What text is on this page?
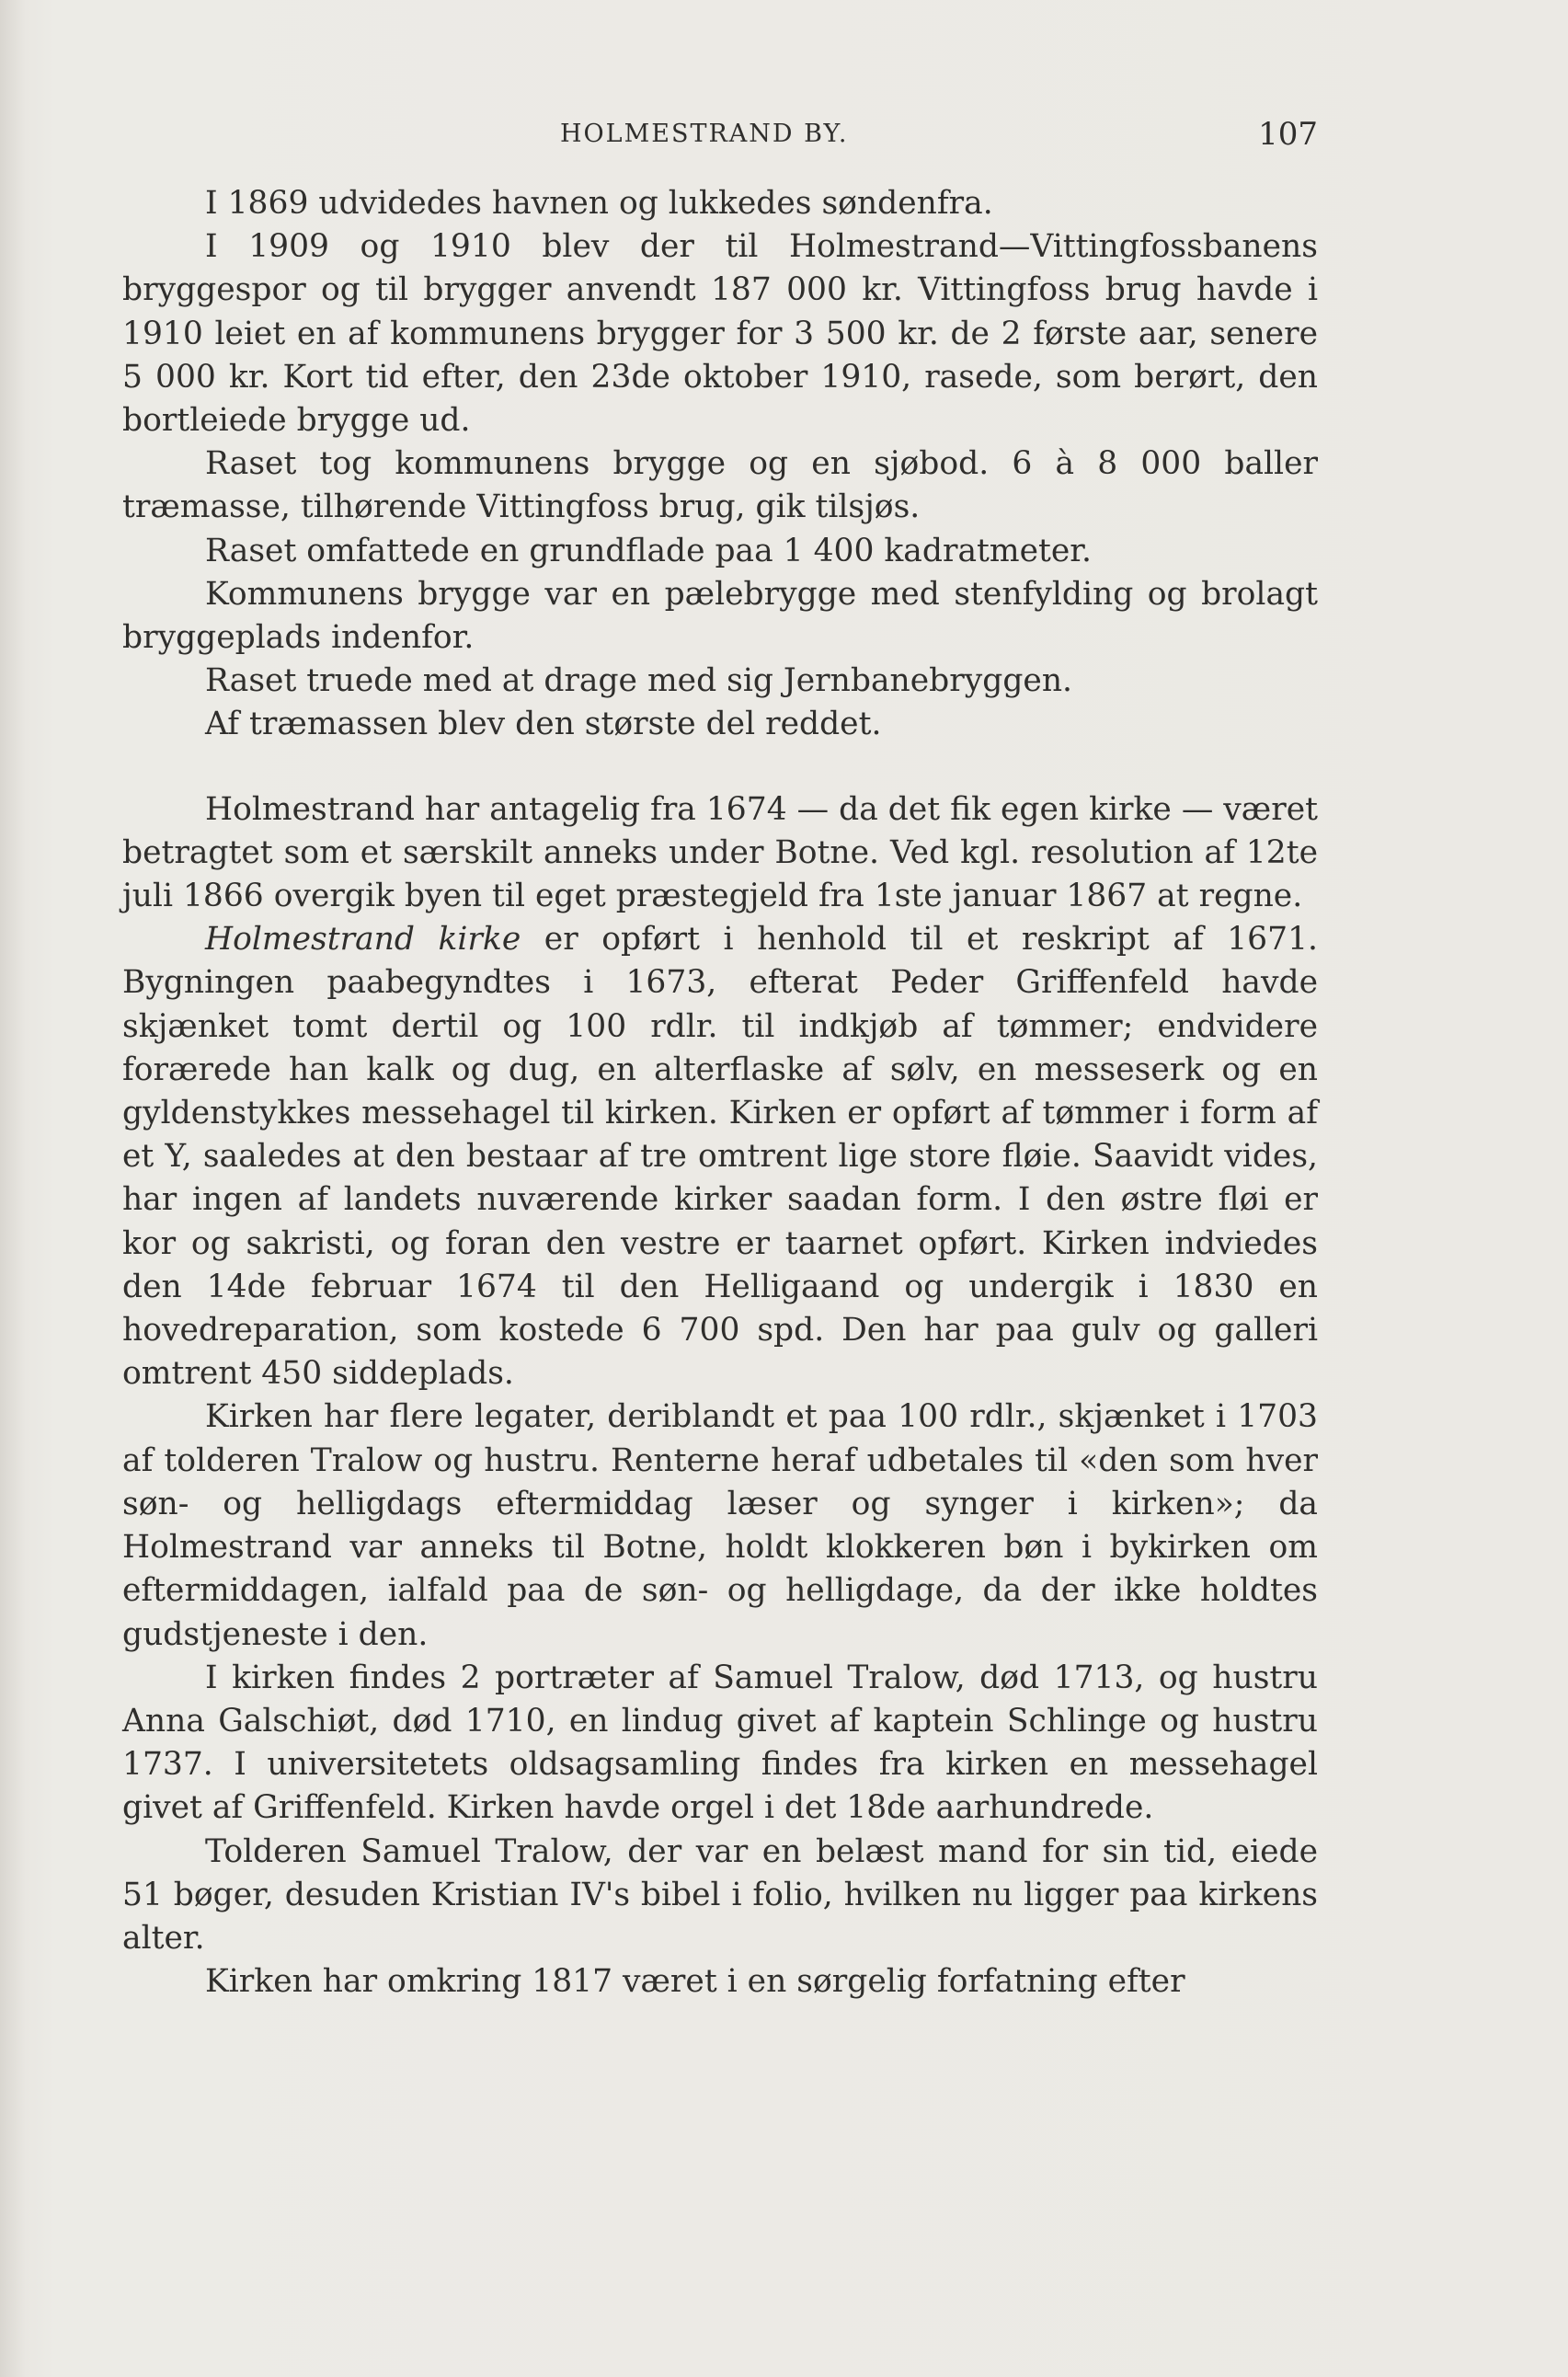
HOLMESTRAND BY.	107

I 1869 udvidedes havnen og lukkedes søndenfra.

I 1909 og 1910 blev der til Holmestrand—Vittingfossbanens bryggespor og til brygger anvendt 187 000 kr. Vittingfoss brug havde i 1910 leiet en af kommunens brygger for 3 500 kr. de 2 første aar, senere 5 000 kr. Kort tid efter, den 23de oktober 1910, rasede, som berørt, den bortleiede brygge ud.

Raset tog kommunens brygge og en sjøbod. 6 à 8 000 baller træmasse, tilhørende Vittingfoss brug, gik tilsjøs.

Raset omfattede en grundflade paa 1 400 kadratmeter.

Kommunens brygge var en pælebrygge med stenfylding og brolagt bryggeplads indenfor.

Raset truede med at drage med sig Jernbanebryggen.

Af træmassen blev den største del reddet.

Holmestrand har antagelig fra 1674 — da det fik egen kirke — været betragtet som et særskilt anneks under Botne. Ved kgl. resolution af 12te juli 1866 overgik byen til eget præstegjeld fra 1ste januar 1867 at regne.

Holmestrand kirke er opført i henhold til et reskript af 1671. Bygningen paabegyndtes i 1673, efterat Peder Griffenfeld havde skjænket tomt dertil og 100 rdlr. til indkjøb af tømmer; endvidere forærede han kalk og dug, en alterflaske af sølv, en messeserk og en gyldenstykkes messehagel til kirken. Kirken er opført af tømmer i form af et Y, saaledes at den bestaar af tre omtrent lige store fløie. Saavidt vides, har ingen af landets nuværende kirker saadan form. I den østre fløi er kor og sakristi, og foran den vestre er taarnet opført. Kirken indviedes den 14de februar 1674 til den Helligaand og undergik i 1830 en hovedreparation, som kostede 6 700 spd. Den har paa gulv og galleri omtrent 450 siddeplads.

Kirken har flere legater, deriblandt et paa 100 rdlr., skjænket i 1703 af tolderen Tralow og hustru. Renterne heraf udbetales til «den som hver søn- og helligdags eftermiddag læser og synger i kirken»; da Holmestrand var anneks til Botne, holdt klokkeren bøn i bykirken om eftermiddagen, ialfald paa de søn- og helligdage, da der ikke holdtes gudstjeneste i den.

I kirken findes 2 portræter af Samuel Tralow, død 1713, og hustru Anna Galschiøt, død 1710, en lindug givet af kaptein Schlinge og hustru 1737. I universitetets oldsagsamling findes fra kirken en messehagel givet af Griffenfeld. Kirken havde orgel i det 18de aarhundrede.

Tolderen Samuel Tralow, der var en belæst mand for sin tid, eiede 51 bøger, desuden Kristian IV's bibel i folio, hvilken nu ligger paa kirkens alter.

Kirken har omkring 1817 været i en sørgelig forfatning efter
